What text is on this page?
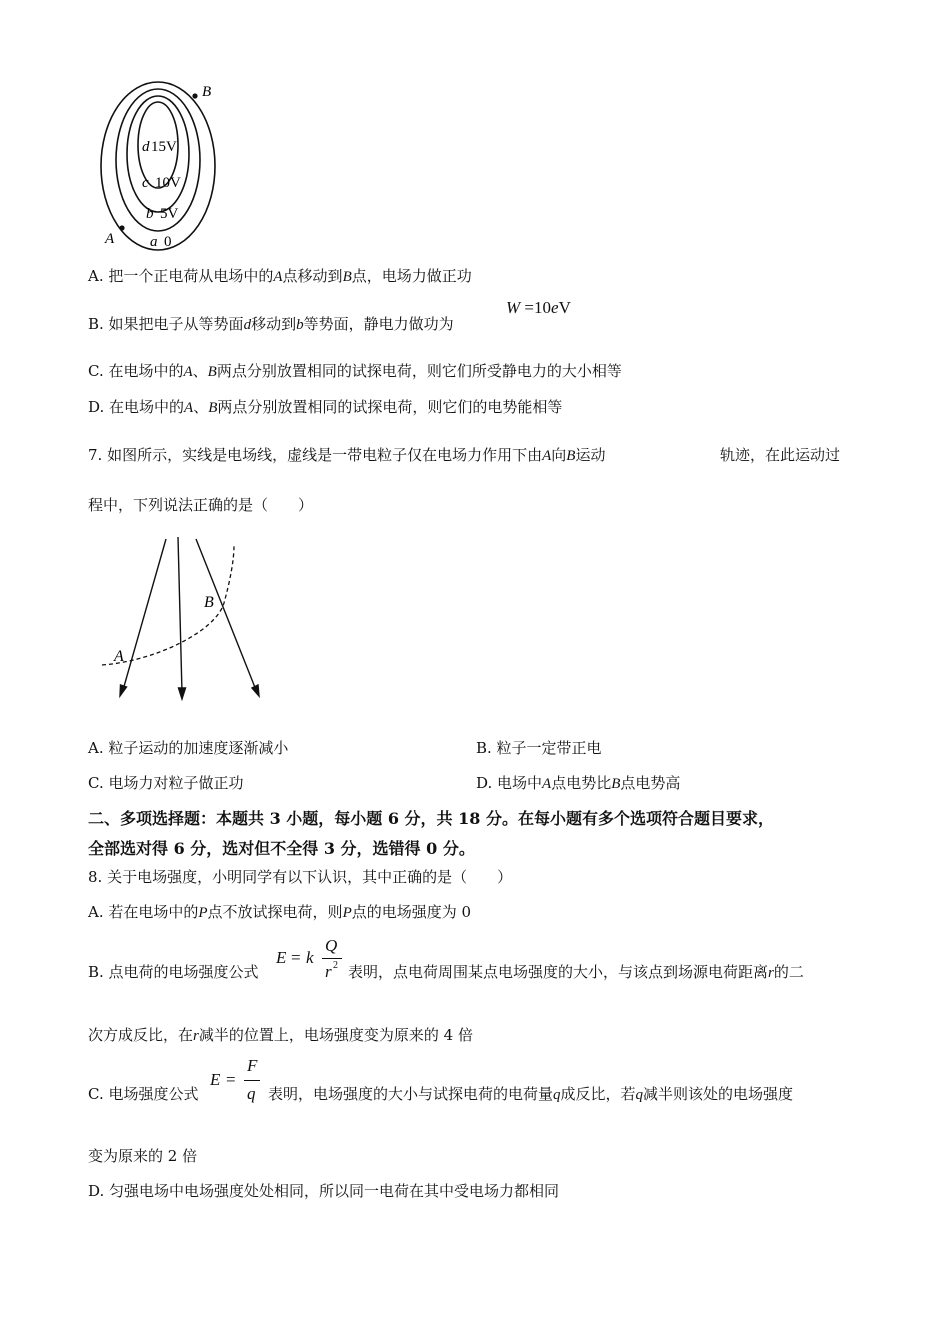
B
A
d 15V
c 10V
b 5V
a 0
A. 把一个正电荷从电场中的A点移动到B点，电场力做正功
B. 如果把电子从等势面d移动到b等势面，静电力做功为
W =10eV
C. 在电场中的A、B两点分别放置相同的试探电荷，则它们所受静电力的大小相等
D. 在电场中的A、B两点分别放置相同的试探电荷，则它们的电势能相等
7. 如图所示，实线是电场线，虚线是一带电粒子仅在电场力作用下由A向B运动	轨迹，在此运动过
程中，下列说法正确的是（　　）
A
B
A. 粒子运动的加速度逐渐减小	B. 粒子一定带正电
C. 电场力对粒子做正功	D. 电场中A点电势比B点电势高
二、多项选择题：本题共 3 小题，每小题 6 分，共 18 分。在每小题有多个选项符合题目要求，
全部选对得 6 分，选对但不全得 3 分，选错得 0 分。
8. 关于电场强度，小明同学有以下认识，其中正确的是（　　）
A. 若在电场中的P点不放试探电荷，则P点的电场强度为 0
B. 点电荷的电场强度公式
E = k
Q
r 2 表明，点电荷周围某点电场强度的大小，与该点到场源电荷距离r的二
次方成反比，在r减半的位置上，电场强度变为原来的 4 倍
C. 电场强度公式
E =
F
q 表明，电场强度的大小与试探电荷的电荷量q成反比，若q减半则该处的电场强度
变为原来的 2 倍
D. 匀强电场中电场强度处处相同，所以同一电荷在其中受电场力都相同
